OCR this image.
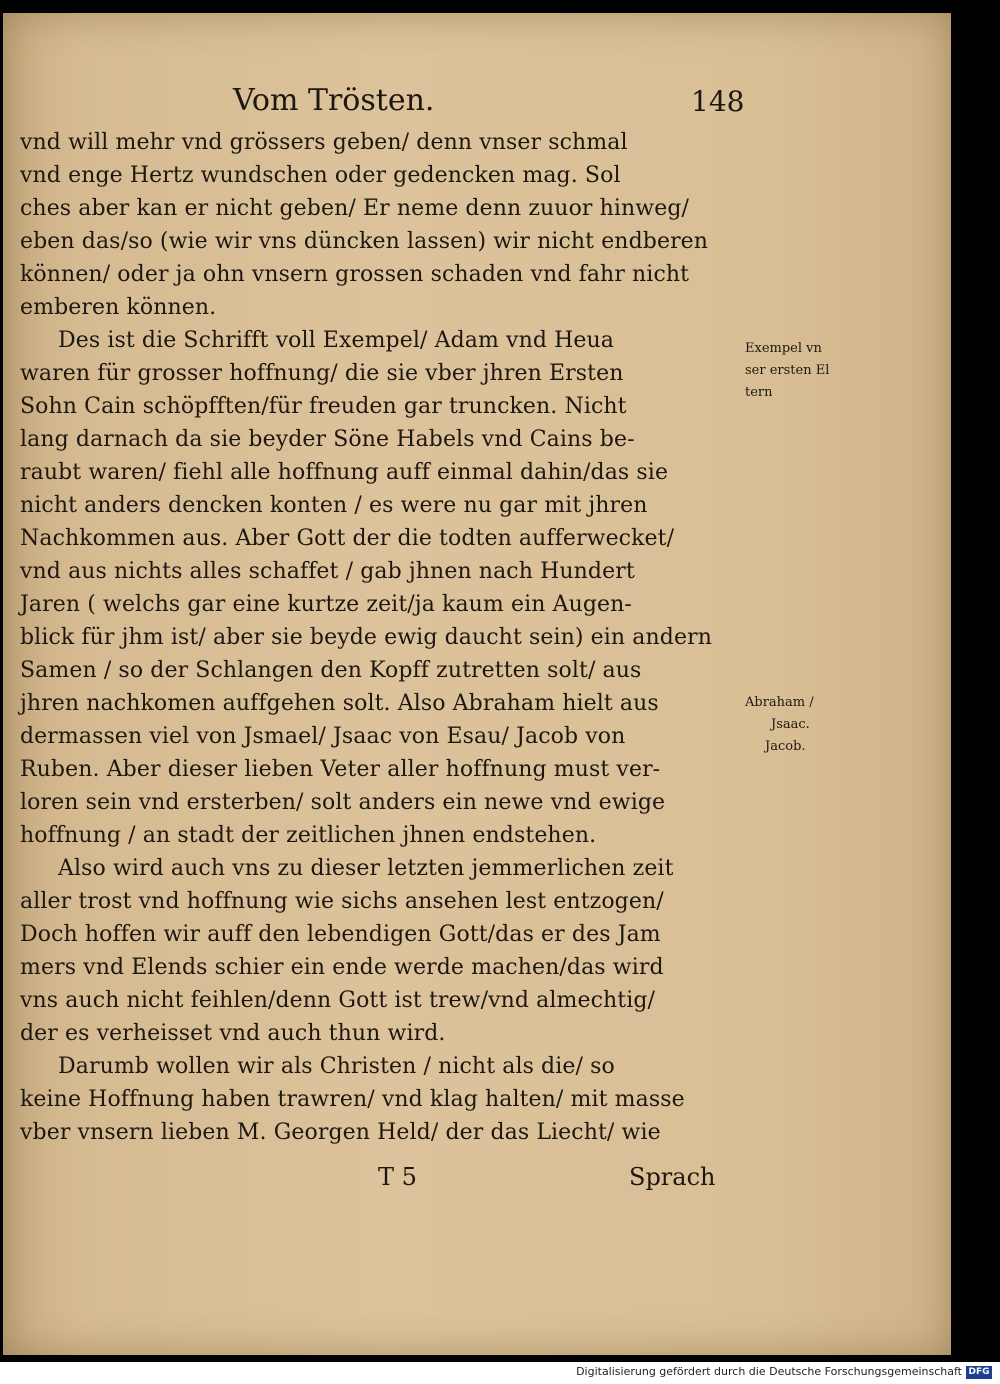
Vom Trösten.	148
vnd will mehr vnd grössers geben/ denn vnser schmal
vnd enge Hertz wundschen oder gedencken mag. Sol
ches aber kan er nicht geben/ Er neme denn zuuor hinweg/
eben das/so (wie wir vns düncken lassen) wir nicht endberen
können/ oder ja ohn vnsern grossen schaden vnd fahr nicht
emberen können.
Des ist die Schrifft voll Exempel/ Adam vnd Heua
waren für grosser hoffnung/ die sie vber jhren Ersten
Sohn Cain schöpfften/für freuden gar truncken. Nicht
lang darnach da sie beyder Söne Habels vnd Cains be-
raubt waren/ fiehl alle hoffnung auff einmal dahin/das sie
nicht anders dencken konten / es were nu gar mit jhren
Nachkommen aus. Aber Gott der die todten aufferwecket/
vnd aus nichts alles schaffet / gab jhnen nach Hundert
Jaren ( welchs gar eine kurtze zeit/ja kaum ein Augen-
blick für jhm ist/ aber sie beyde ewig daucht sein) ein andern
Samen / so der Schlangen den Kopff zutretten solt/ aus
jhren nachkomen auffgehen solt. Also Abraham hielt aus
dermassen viel von Jsmael/ Jsaac von Esau/ Jacob von
Ruben. Aber dieser lieben Veter aller hoffnung must ver-
loren sein vnd ersterben/ solt anders ein newe vnd ewige
hoffnung / an stadt der zeitlichen jhnen endstehen.
Also wird auch vns zu dieser letzten jemmerlichen zeit
aller trost vnd hoffnung wie sichs ansehen lest entzogen/
Doch hoffen wir auff den lebendigen Gott/das er des Jam
mers vnd Elends schier ein ende werde machen/das wird
vns auch nicht feihlen/denn Gott ist trew/vnd almechtig/
der es verheisset vnd auch thun wird.
Darumb wollen wir als Christen / nicht als die/ so
keine Hoffnung haben trawren/ vnd klag halten/ mit masse
vber vnsern lieben M. Georgen Held/ der das Liecht/ wie
Exempel vn
ser ersten El
tern
Abraham /
Jsaac.
Jacob.
T 5	Sprach
Digitalisierung gefördert durch die Deutsche Forschungsgemeinschaft DFG
